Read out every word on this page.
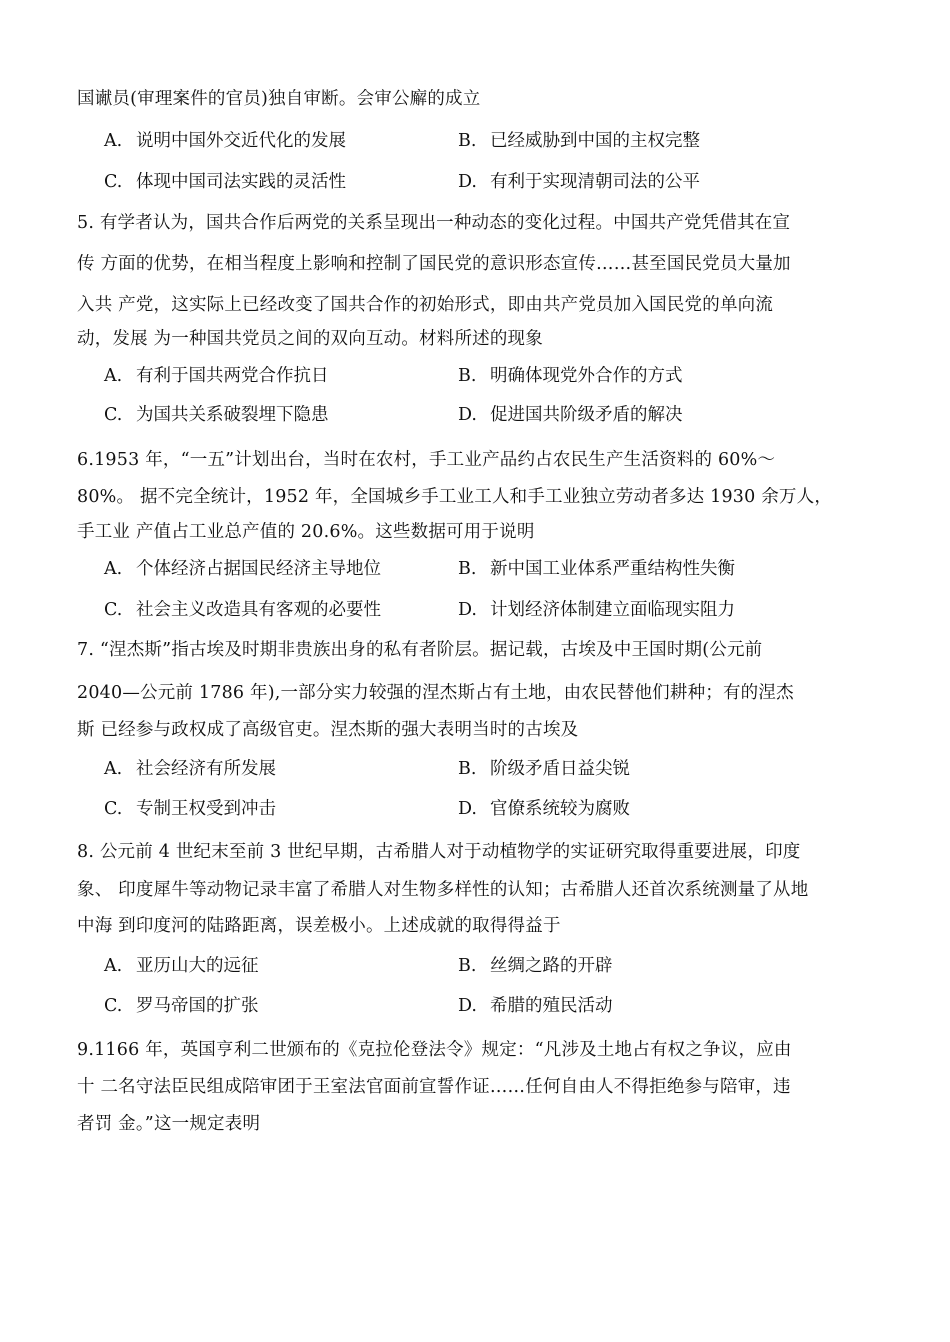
国谳员(审理案件的官员)独自审断。会审公廨的成立
A. 说明中国外交近代化的发展	B. 已经威胁到中国的主权完整
C. 体现中国司法实践的灵活性	D. 有利于实现清朝司法的公平
5. 有学者认为，国共合作后两党的关系呈现出一种动态的变化过程。中国共产党凭借其在宣
传 方面的优势，在相当程度上影响和控制了国民党的意识形态宣传……甚至国民党员大量加
入共 产党，这实际上已经改变了国共合作的初始形式，即由共产党员加入国民党的单向流
动，发展 为一种国共党员之间的双向互动。材料所述的现象
A. 有利于国共两党合作抗日	B. 明确体现党外合作的方式
C. 为国共关系破裂埋下隐患	D. 促进国共阶级矛盾的解决
6.1953 年，“一五”计划出台，当时在农村，手工业产品约占农民生产生活资料的 60%～
80%。 据不完全统计，1952 年，全国城乡手工业工人和手工业独立劳动者多达 1930 余万人，
手工业 产值占工业总产值的 20.6%。这些数据可用于说明
A. 个体经济占据国民经济主导地位	B. 新中国工业体系严重结构性失衡
C. 社会主义改造具有客观的必要性	D. 计划经济体制建立面临现实阻力
7. “涅杰斯”指古埃及时期非贵族出身的私有者阶层。据记载，古埃及中王国时期(公元前
2040—公元前 1786 年),一部分实力较强的涅杰斯占有土地，由农民替他们耕种；有的涅杰
斯 已经参与政权成了高级官吏。涅杰斯的强大表明当时的古埃及
A. 社会经济有所发展	B. 阶级矛盾日益尖锐
C. 专制王权受到冲击	D. 官僚系统较为腐败
8. 公元前 4 世纪末至前 3 世纪早期，古希腊人对于动植物学的实证研究取得重要进展，印度
象、 印度犀牛等动物记录丰富了希腊人对生物多样性的认知；古希腊人还首次系统测量了从地
中海 到印度河的陆路距离，误差极小。上述成就的取得得益于
A. 亚历山大的远征	B. 丝绸之路的开辟
C. 罗马帝国的扩张	D. 希腊的殖民活动
9.1166 年，英国亨利二世颁布的《克拉伦登法令》规定：“凡涉及土地占有权之争议，应由
十 二名守法臣民组成陪审团于王室法官面前宣誓作证……任何自由人不得拒绝参与陪审，违
者罚 金。”这一规定表明
